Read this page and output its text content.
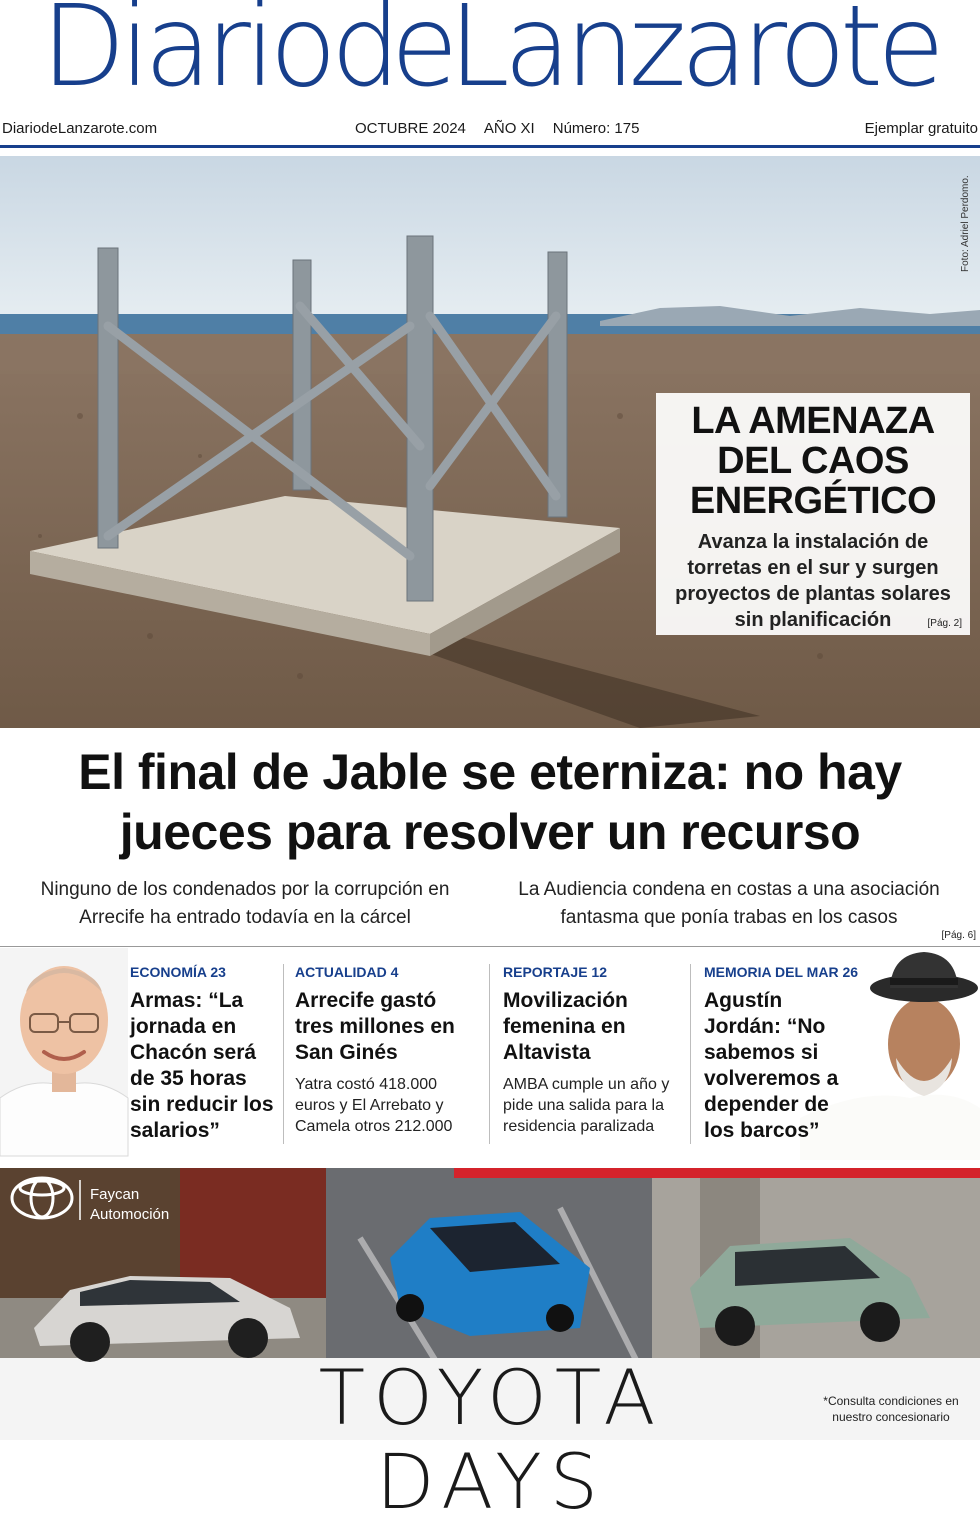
DiariodeLanzarote
DiariodeLanzarote.com	OCTUBRE 2024 AÑO XI Número: 175	Ejemplar gratuito
Foto: Adriel Perdomo.
LA AMENAZA DEL CAOS ENERGÉTICO
Avanza la instalación de torretas en el sur y surgen proyectos de plantas solares sin planificación	[Pág. 2]
El final de Jable se eterniza: no hay jueces para resolver un recurso

Ninguno de los condenados por la corrupción en Arrecife ha entrado todavía en la cárcel

La Audiencia condena en costas a una asociación fantasma que ponía trabas en los casos

[Pág. 6]
ECONOMÍA 23
Armas: “La jornada en Chacón será de 35 horas sin reducir los salarios”
ACTUALIDAD 4
Arrecife gastó tres millones en San Ginés
Yatra costó 418.000 euros y El Arrebato y Camela otros 212.000
REPORTAJE 12
Movilización femenina en Altavista
AMBA cumple un año y pide una salida para la residencia paralizada
MEMORIA DEL MAR 26
Agustín Jordán: “No sabemos si volveremos a depender de los barcos”
Faycan
Automoción
TOYOTA DAYS
*Consulta condiciones en nuestro concesionario
